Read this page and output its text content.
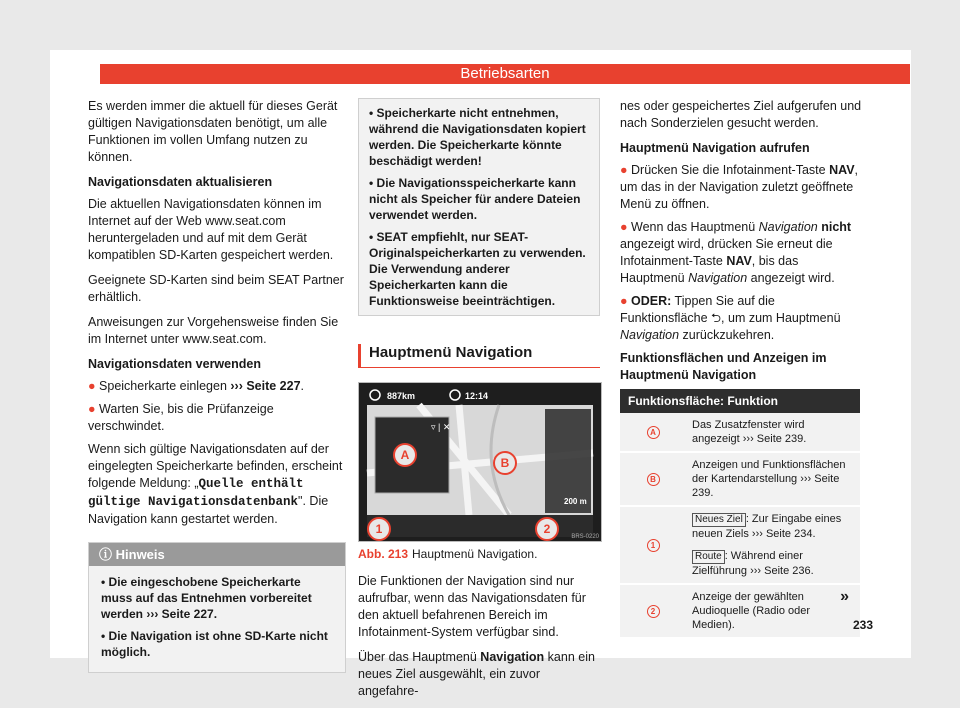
Betriebsarten

Es werden immer die aktuell für dieses Gerät gültigen Navigationsdaten benötigt, um alle Funktionen im vollen Umfang nutzen zu können.

Navigationsdaten aktualisieren

Die aktuellen Navigationsdaten können im Internet auf der Web www.seat.com heruntergeladen und auf mit dem Gerät kompatiblen SD-Karten gespeichert werden.

Geeignete SD-Karten sind beim SEAT Partner erhältlich.

Anweisungen zur Vorgehensweise finden Sie im Internet unter www.seat.com.

Navigationsdaten verwenden

● Speicherkarte einlegen ››› Seite 227.

● Warten Sie, bis die Prüfanzeige verschwindet.

Wenn sich gültige Navigationsdaten auf der eingelegten Speicherkarte befinden, erscheint folgende Meldung: „Quelle enthält gültige Navigationsdatenbank". Die Navigation kann gestartet werden.

ⓘ Hinweis

• Die eingeschobene Speicherkarte muss auf das Entnehmen vorbereitet werden ››› Seite 227.

• Die Navigation ist ohne SD-Karte nicht möglich.

• Speicherkarte nicht entnehmen, während die Navigationsdaten kopiert werden. Die Speicherkarte könnte beschädigt werden!

• Die Navigationsspeicherkarte kann nicht als Speicher für andere Dateien verwendet werden.

• SEAT empfiehlt, nur SEAT-Originalspeicherkarten zu verwenden. Die Verwendung anderer Speicherkarten kann die Funktionsweise beeinträchtigen.

Hauptmenü Navigation
887km	12:14
▿ | ✕
A
B
200 m
1	2
BRS-0220

Abb. 213 Hauptmenü Navigation.

Die Funktionen der Navigation sind nur aufrufbar, wenn das Navigationsdaten für den aktuell befahrenen Bereich im Infotainment-System verfügbar sind.

Über das Hauptmenü Navigation kann ein neues Ziel ausgewählt, ein zuvor angefahre-

nes oder gespeichertes Ziel aufgerufen und nach Sonderzielen gesucht werden.

Hauptmenü Navigation aufrufen

● Drücken Sie die Infotainment-Taste NAV, um das in der Navigation zuletzt geöffnete Menü zu öffnen.

● Wenn das Hauptmenü Navigation nicht angezeigt wird, drücken Sie erneut die Infotainment-Taste NAV, bis das Hauptmenü Navigation angezeigt wird.

● ODER: Tippen Sie auf die Funktionsfläche ⮌, um zum Hauptmenü Navigation zurückzukehren.

Funktionsflächen und Anzeigen im Hauptmenü Navigation

Funktionsfläche: Funktion	
A	Das Zusatzfenster wird angezeigt ››› Seite 239.
B	Anzeigen und Funktionsflächen der Kartendarstellung ››› Seite 239.
1	Neues Ziel : Zur Eingabe eines neuen Ziels ››› Seite 234.
Route : Während einer Zielführung ››› Seite 236.

2	Anzeige der gewählten Audioquelle (Radio oder Medien).
»
233
